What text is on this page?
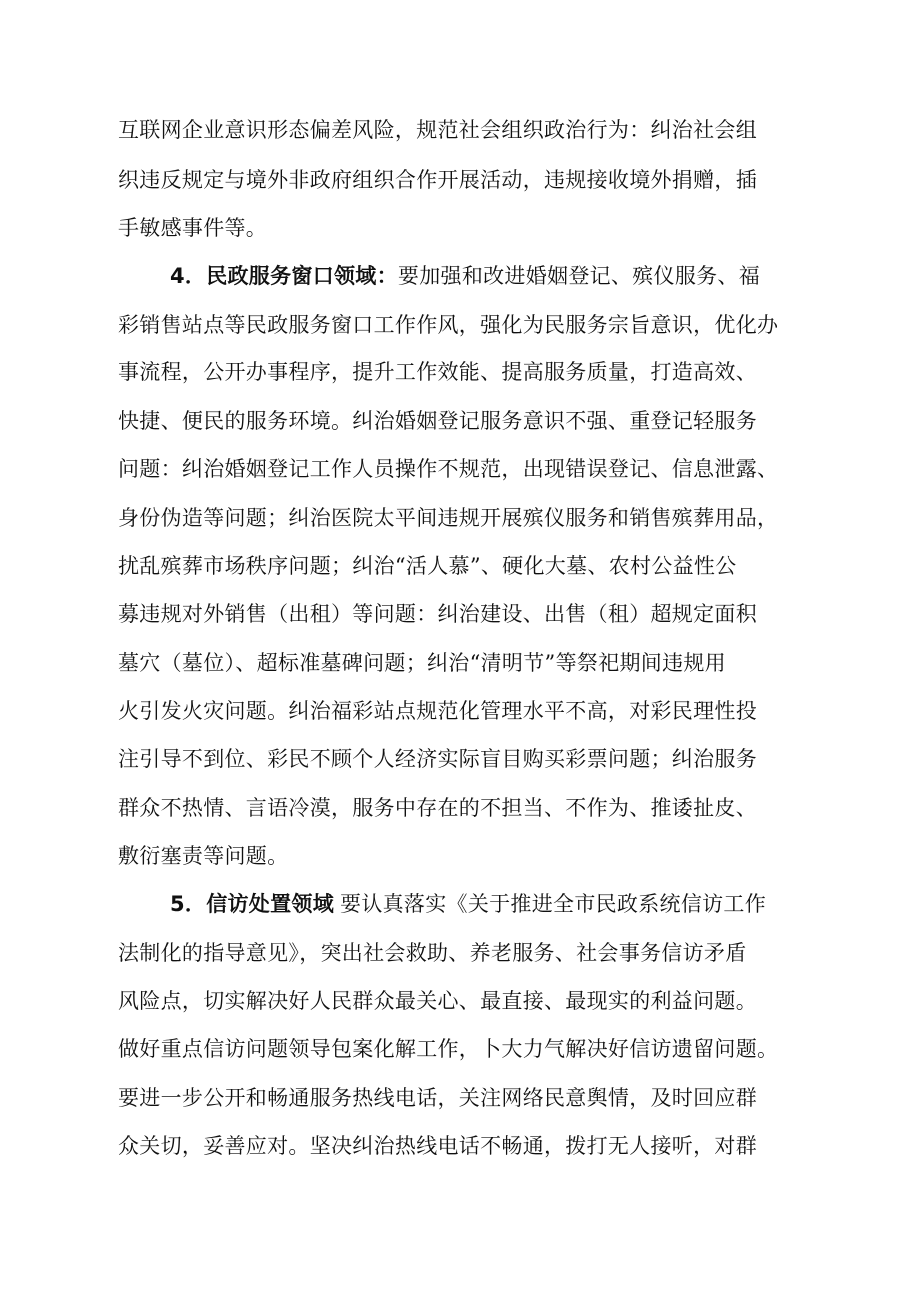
互联网企业意识形态偏差风险，规范社会组织政治行为：纠治社会组
织违反规定与境外非政府组织合作开展活动，违规接收境外捐赠，插
手敏感事件等。
4．民政服务窗口领域：要加强和改进婚姻登记、殡仪服务、福
彩销售站点等民政服务窗口工作作风，强化为民服务宗旨意识，优化办
事流程，公开办事程序，提升工作效能、提高服务质量，打造高效、
快捷、便民的服务环境。纠治婚姻登记服务意识不强、重登记轻服务
问题：纠治婚姻登记工作人员操作不规范，出现错误登记、信息泄露、
身份伪造等问题；纠治医院太平间违规开展殡仪服务和销售殡葬用品，
扰乱殡葬市场秩序问题；纠治“活人慕”、硬化大墓、农村公益性公
募违规对外销售（出租）等问题：纠治建设、出售（租）超规定面积
墓穴（墓位）、超标准墓碑问题；纠治“清明节”等祭祀期间违规用
火引发火灾问题。纠治福彩站点规范化管理水平不高，对彩民理性投
注引导不到位、彩民不顾个人经济实际盲目购买彩票问题；纠治服务
群众不热情、言语冷漠，服务中存在的不担当、不作为、推诿扯皮、
敷衍塞责等问题。
5．信访处置领域 要认真落实《关于推进全市民政系统信访工作
法制化的指导意见》，突出社会救助、养老服务、社会事务信访矛盾
风险点，切实解决好人民群众最关心、最直接、最现实的利益问题。
做好重点信访问题领导包案化解工作，卜大力气解决好信访遗留问题。
要进一步公开和畅通服务热线电话，关注网络民意舆情，及时回应群
众关切，妥善应对。坚决纠治热线电话不畅通，拨打无人接听，对群
